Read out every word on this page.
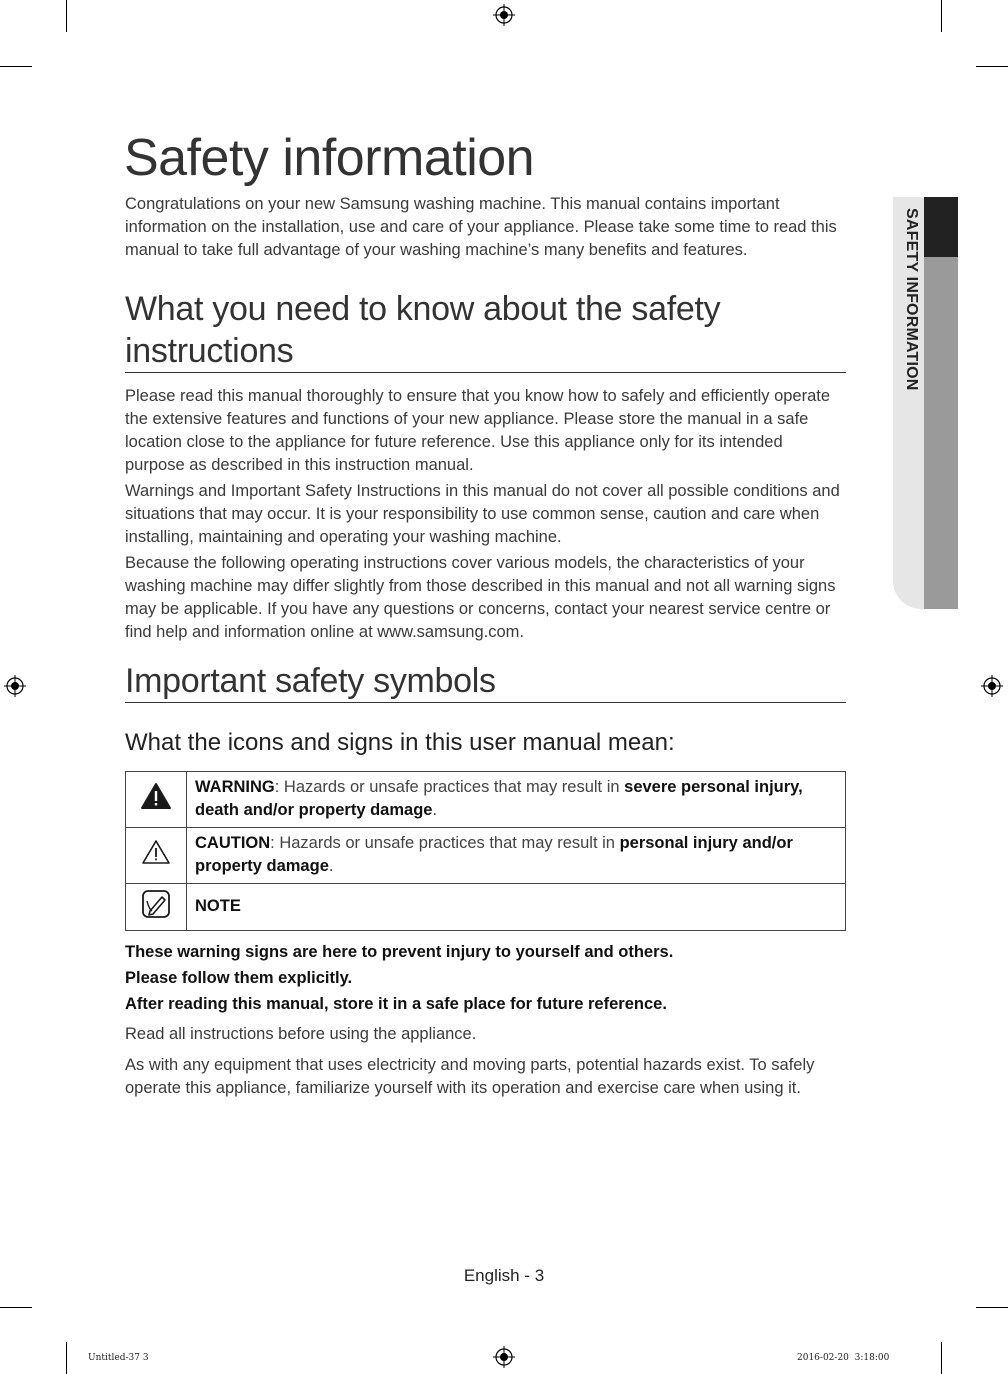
SAFETY INFORMATION
Safety information

Congratulations on your new Samsung washing machine. This manual contains important information on the installation, use and care of your appliance. Please take some time to read this manual to take full advantage of your washing machine’s many benefits and features.

What you need to know about the safety instructions

Please read this manual thoroughly to ensure that you know how to safely and efficiently operate the extensive features and functions of your new appliance. Please store the manual in a safe location close to the appliance for future reference. Use this appliance only for its intended purpose as described in this instruction manual.

Warnings and Important Safety Instructions in this manual do not cover all possible conditions and situations that may occur. It is your responsibility to use common sense, caution and care when installing, maintaining and operating your washing machine.

Because the following operating instructions cover various models, the characteristics of your washing machine may differ slightly from those described in this manual and not all warning signs may be applicable. If you have any questions or concerns, contact your nearest service centre or find help and information online at www.samsung.com.

Important safety symbols
What the icons and signs in this user manual mean:
	WARNING: Hazards or unsafe practices that may result in severe personal injury, death and/or property damage.
	CAUTION: Hazards or unsafe practices that may result in personal injury and/or property damage.
	NOTE
These warning signs are here to prevent injury to yourself and others.
Please follow them explicitly.
After reading this manual, store it in a safe place for future reference.

Read all instructions before using the appliance.

As with any equipment that uses electricity and moving parts, potential hazards exist. To safely operate this appliance, familiarize yourself with its operation and exercise care when using it.

English - 3
Untitled-37 3	2016-02-20 ￼￼ 3:18:00
